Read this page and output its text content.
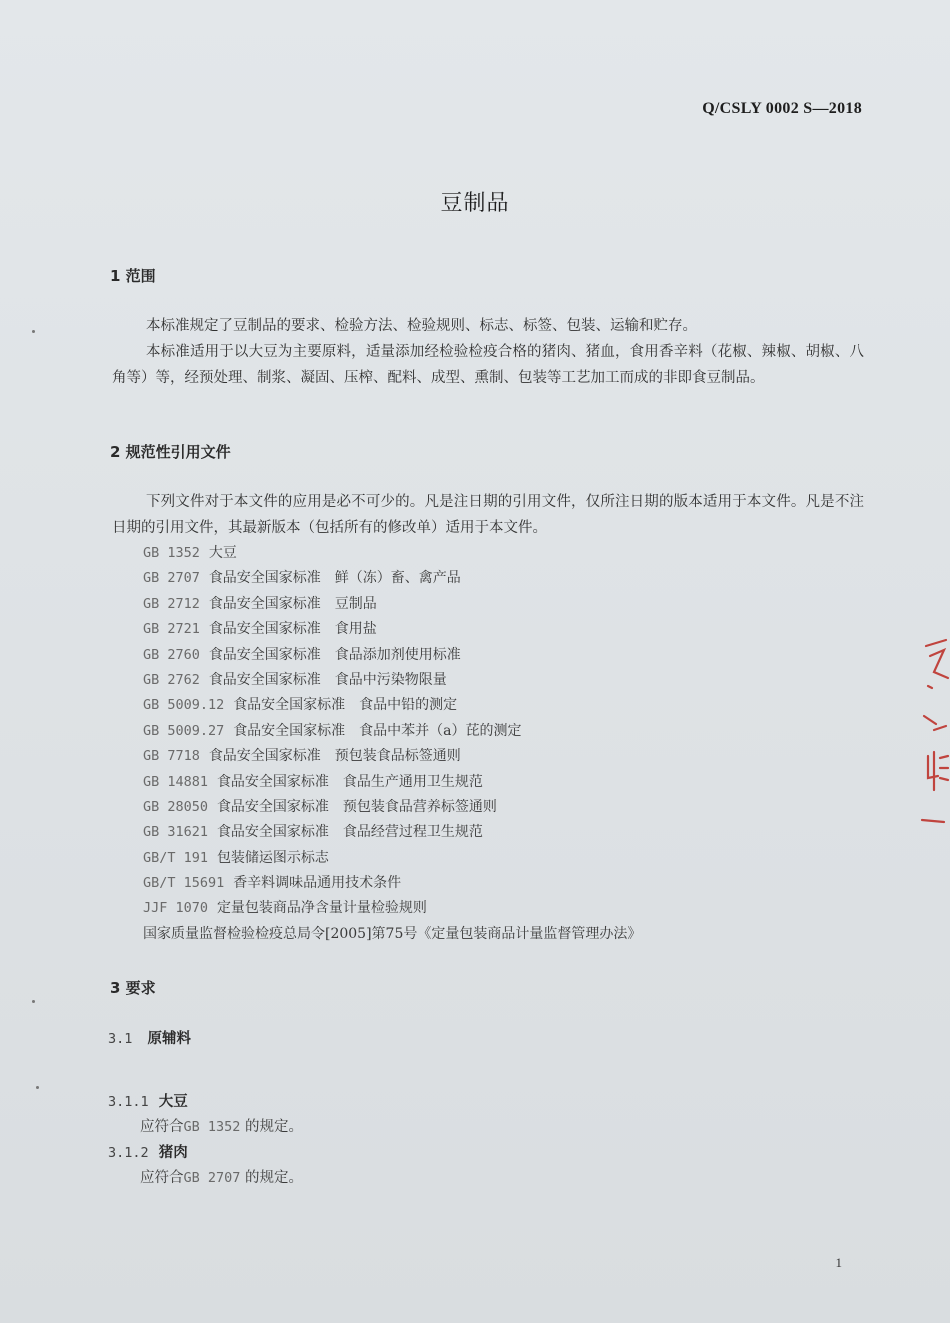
Q/CSLY 0002 S—2018
豆制品
1 范围

本标准规定了豆制品的要求、检验方法、检验规则、标志、标签、包装、运输和贮存。

本标准适用于以大豆为主要原料，适量添加经检验检疫合格的猪肉、猪血，食用香辛料（花椒、辣椒、胡椒、八角等）等，经预处理、制浆、凝固、压榨、配料、成型、熏制、包装等工艺加工而成的非即食豆制品。

2 规范性引用文件

下列文件对于本文件的应用是必不可少的。凡是注日期的引用文件，仅所注日期的版本适用于本文件。凡是不注日期的引用文件，其最新版本（包括所有的修改单）适用于本文件。

GB 1352 大豆
GB 2707 食品安全国家标准　鲜（冻）畜、禽产品
GB 2712 食品安全国家标准　豆制品
GB 2721 食品安全国家标准　食用盐
GB 2760 食品安全国家标准　食品添加剂使用标准
GB 2762 食品安全国家标准　食品中污染物限量
GB 5009.12 食品安全国家标准　食品中铅的测定
GB 5009.27 食品安全国家标准　食品中苯并（a）芘的测定
GB 7718 食品安全国家标准　预包装食品标签通则
GB 14881 食品安全国家标准　食品生产通用卫生规范
GB 28050 食品安全国家标准　预包装食品营养标签通则
GB 31621 食品安全国家标准　食品经营过程卫生规范
GB/T 191 包装储运图示标志
GB/T 15691 香辛料调味品通用技术条件
JJF 1070 定量包装商品净含量计量检验规则
国家质量监督检验检疫总局令[2005]第75号《定量包装商品计量监督管理办法》
3 要求
3.1 原辅料
3.1.1 大豆
应符合GB 1352 的规定。
3.1.2 猪肉
应符合GB 2707 的规定。
1
